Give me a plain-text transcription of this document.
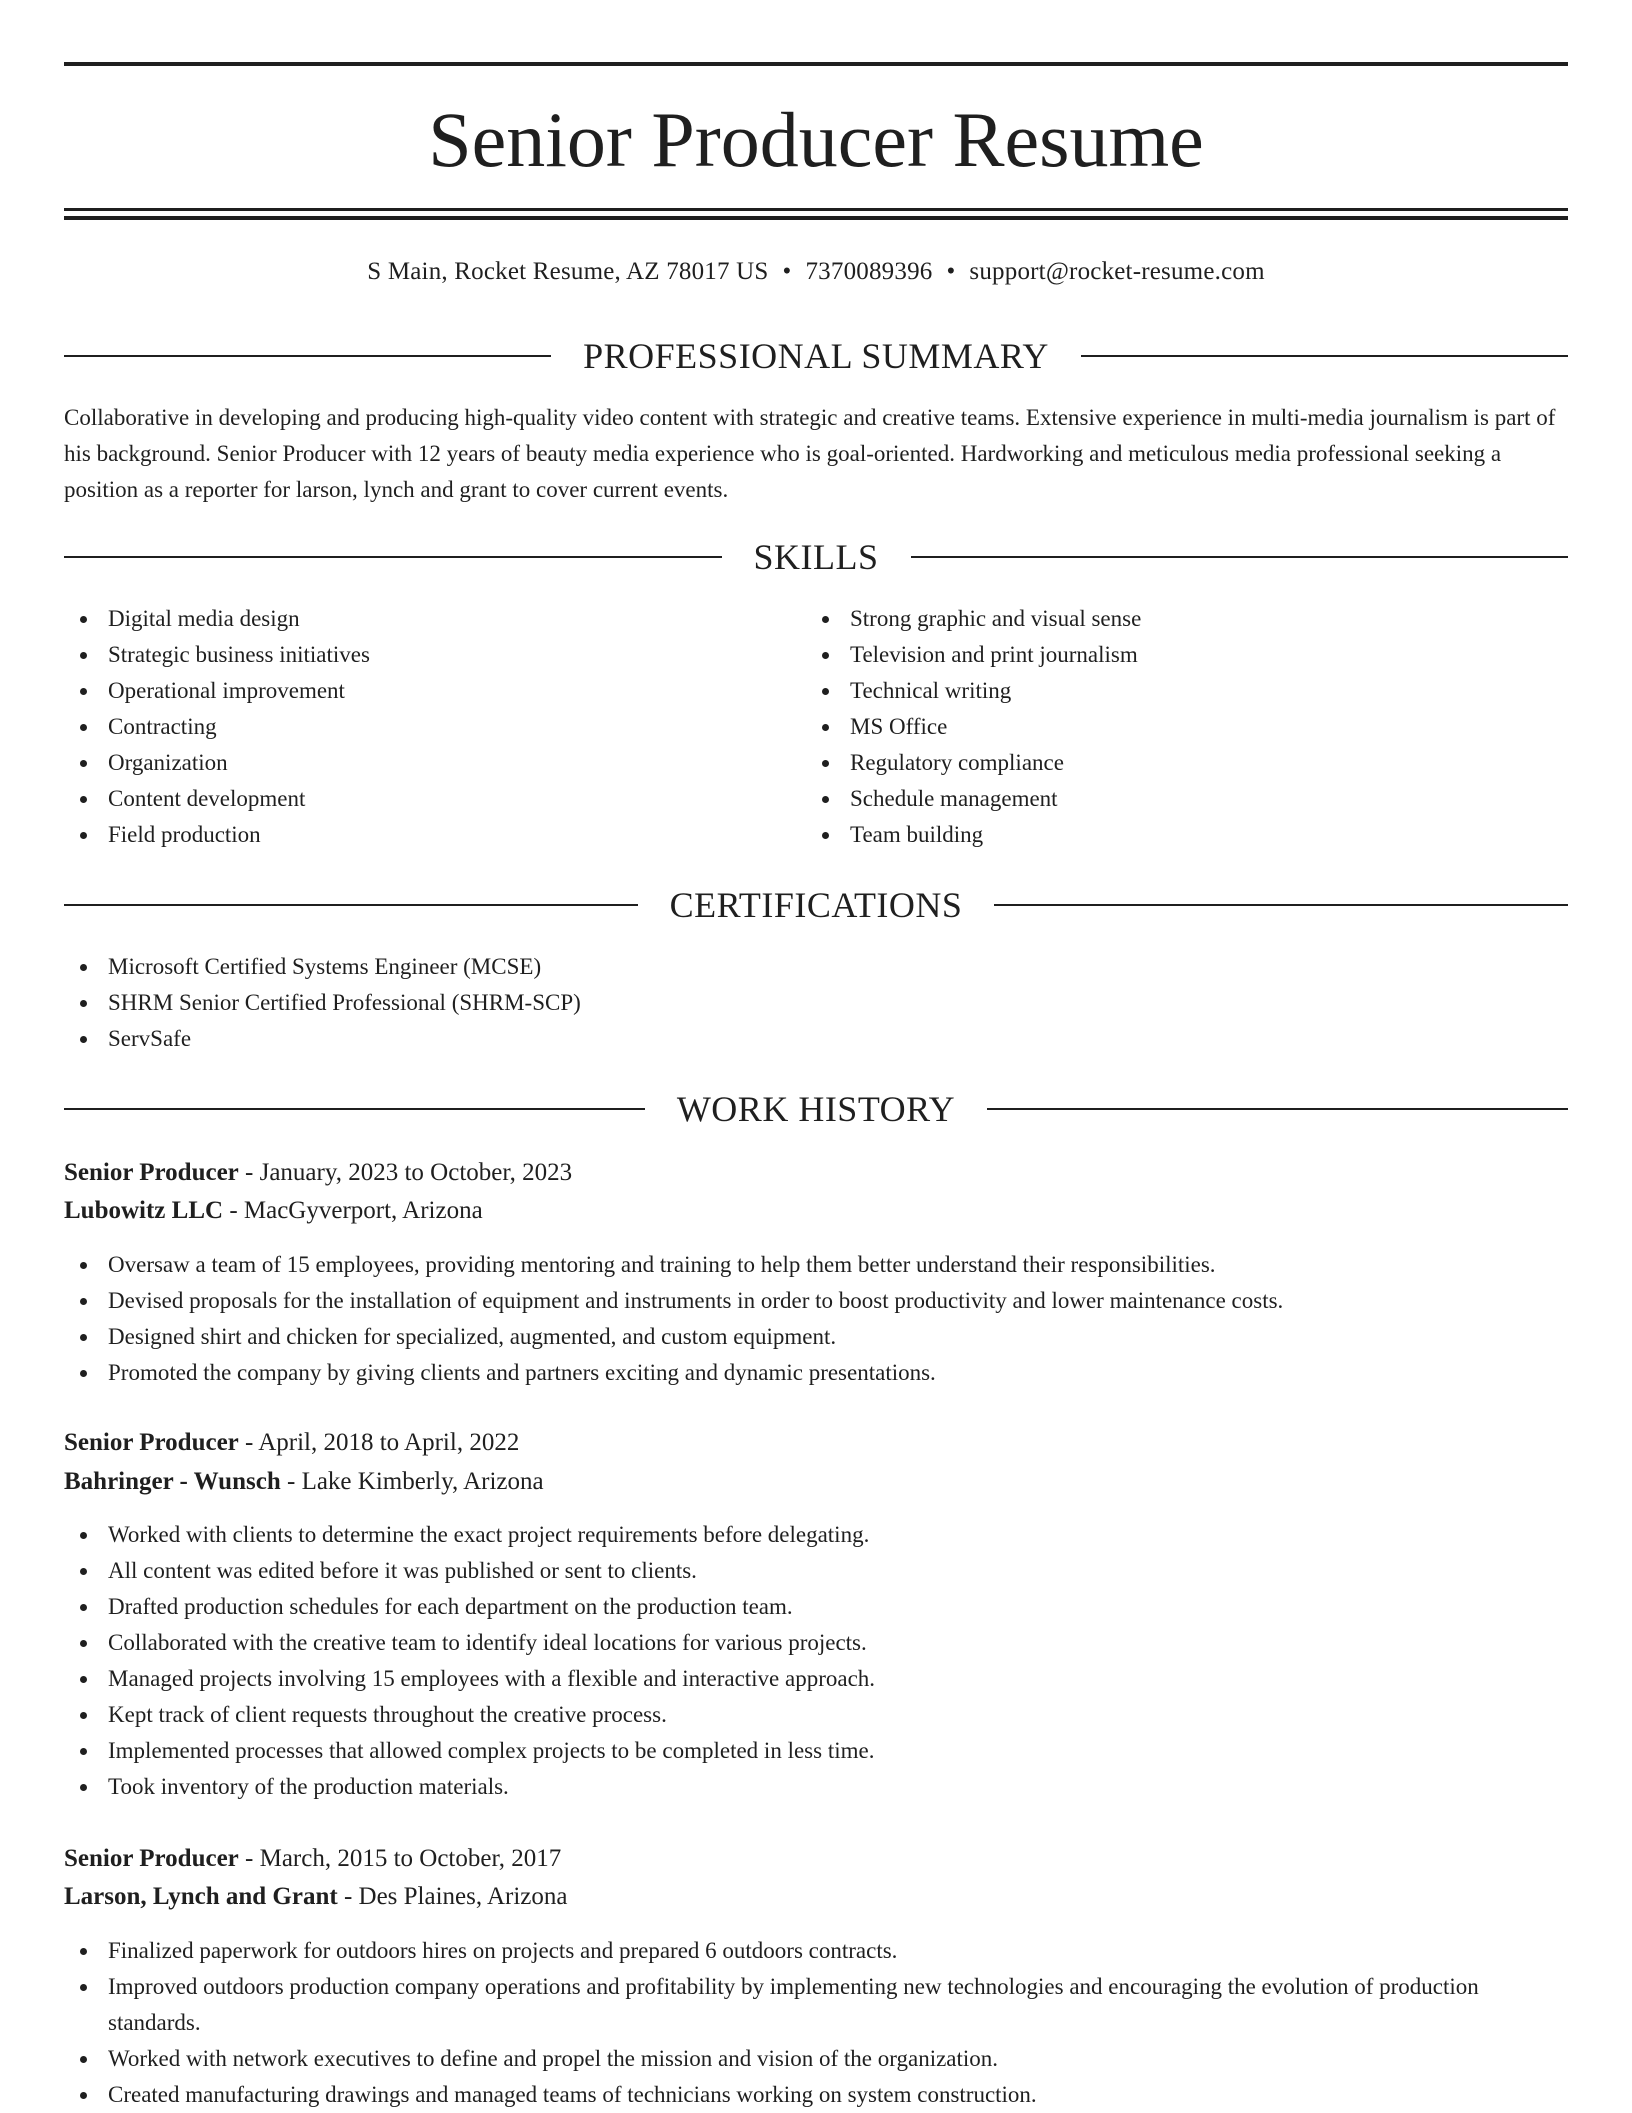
Senior Producer Resume
S Main, Rocket Resume, AZ 78017 US • 7370089396 • support@rocket-resume.com
PROFESSIONAL SUMMARY

Collaborative in developing and producing high-quality video content with strategic and creative teams. Extensive experience in multi-media journalism is part of his background. Senior Producer with 12 years of beauty media experience who is goal-oriented. Hardworking and meticulous media professional seeking a position as a reporter for larson, lynch and grant to cover current events.

SKILLS
Digital media design
Strategic business initiatives
Operational improvement
Contracting
Organization
Content development
Field production
Strong graphic and visual sense
Television and print journalism
Technical writing
MS Office
Regulatory compliance
Schedule management
Team building
CERTIFICATIONS
Microsoft Certified Systems Engineer (MCSE)
SHRM Senior Certified Professional (SHRM-SCP)
ServSafe
WORK HISTORY
Senior Producer - January, 2023 to October, 2023
Lubowitz LLC - MacGyverport, Arizona
Oversaw a team of 15 employees, providing mentoring and training to help them better understand their responsibilities.
Devised proposals for the installation of equipment and instruments in order to boost productivity and lower maintenance costs.
Designed shirt and chicken for specialized, augmented, and custom equipment.
Promoted the company by giving clients and partners exciting and dynamic presentations.
Senior Producer - April, 2018 to April, 2022
Bahringer - Wunsch - Lake Kimberly, Arizona
Worked with clients to determine the exact project requirements before delegating.
All content was edited before it was published or sent to clients.
Drafted production schedules for each department on the production team.
Collaborated with the creative team to identify ideal locations for various projects.
Managed projects involving 15 employees with a flexible and interactive approach.
Kept track of client requests throughout the creative process.
Implemented processes that allowed complex projects to be completed in less time.
Took inventory of the production materials.
Senior Producer - March, 2015 to October, 2017
Larson, Lynch and Grant - Des Plaines, Arizona
Finalized paperwork for outdoors hires on projects and prepared 6 outdoors contracts.
Improved outdoors production company operations and profitability by implementing new technologies and encouraging the evolution of production standards.
Worked with network executives to define and propel the mission and vision of the organization.
Created manufacturing drawings and managed teams of technicians working on system construction.
